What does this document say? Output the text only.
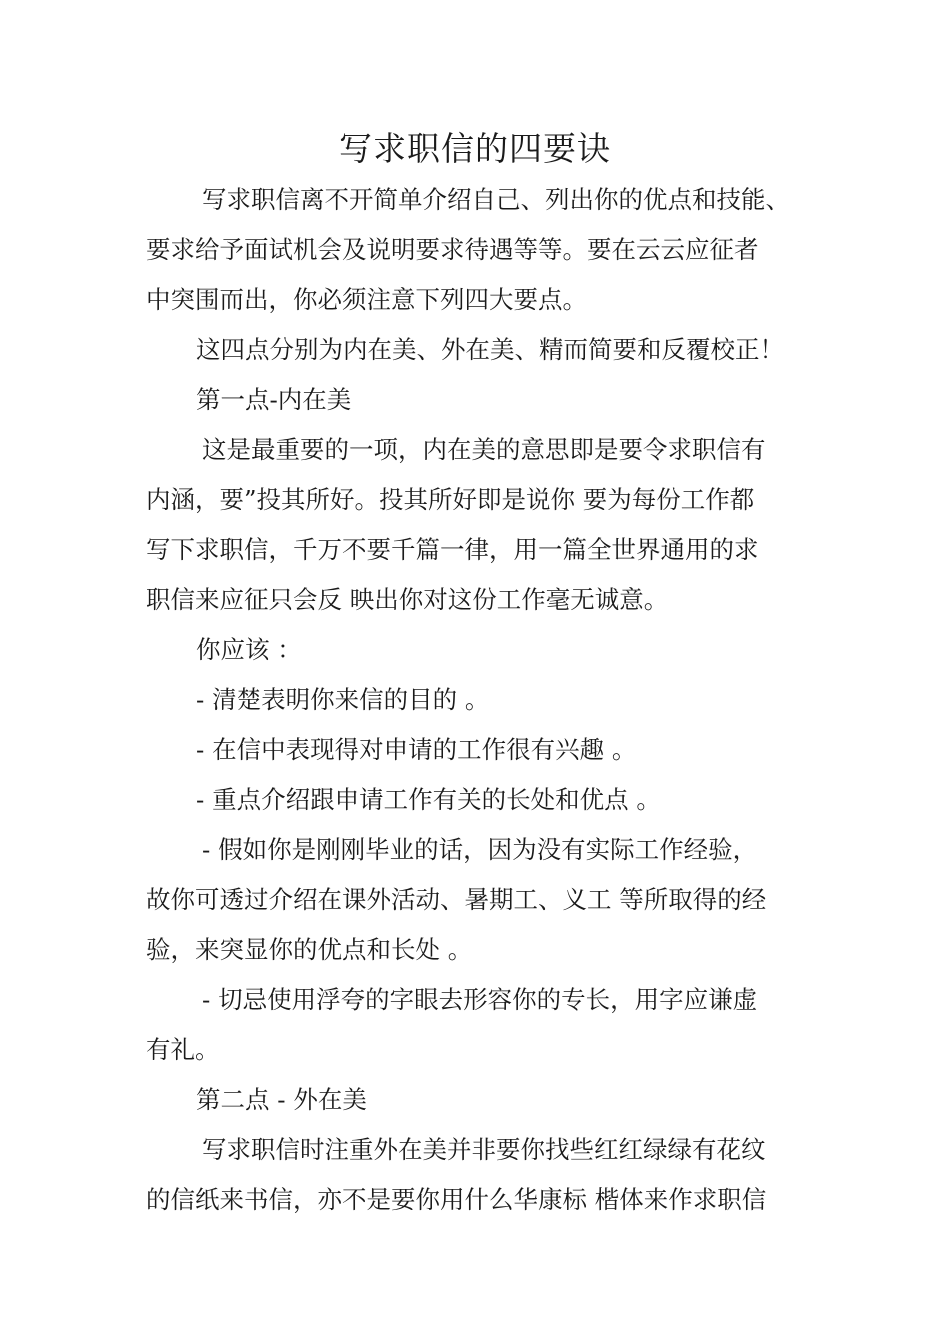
写求职信的四要诀
写求职信离不开简单介绍自己、列出你的优点和技能、
要求给予面试机会及说明要求待遇等等。要在云云应征者
中突围而出，你必须注意下列四大要点。
这四点分别为内在美、外在美、精而简要和反覆校正！
第一点-内在美
这是最重要的一项，内在美的意思即是要令求职信有
内涵，要”投其所好。投其所好即是说你 要为每份工作都
写下求职信，千万不要千篇一律，用一篇全世界通用的求
职信来应征只会反 映出你对这份工作毫无诚意。
你应该 ：
- 清楚表明你来信的目的 。
- 在信中表现得对申请的工作很有兴趣 。
- 重点介绍跟申请工作有关的长处和优点 。
- 假如你是刚刚毕业的话，因为没有实际工作经验，
故你可透过介绍在课外活动、暑期工、义工 等所取得的经
验，来突显你的优点和长处 。
- 切忌使用浮夸的字眼去形容你的专长，用字应谦虚
有礼。
第二点 - 外在美
写求职信时注重外在美并非要你找些红红绿绿有花纹
的信纸来书信，亦不是要你用什么华康标 楷体来作求职信
